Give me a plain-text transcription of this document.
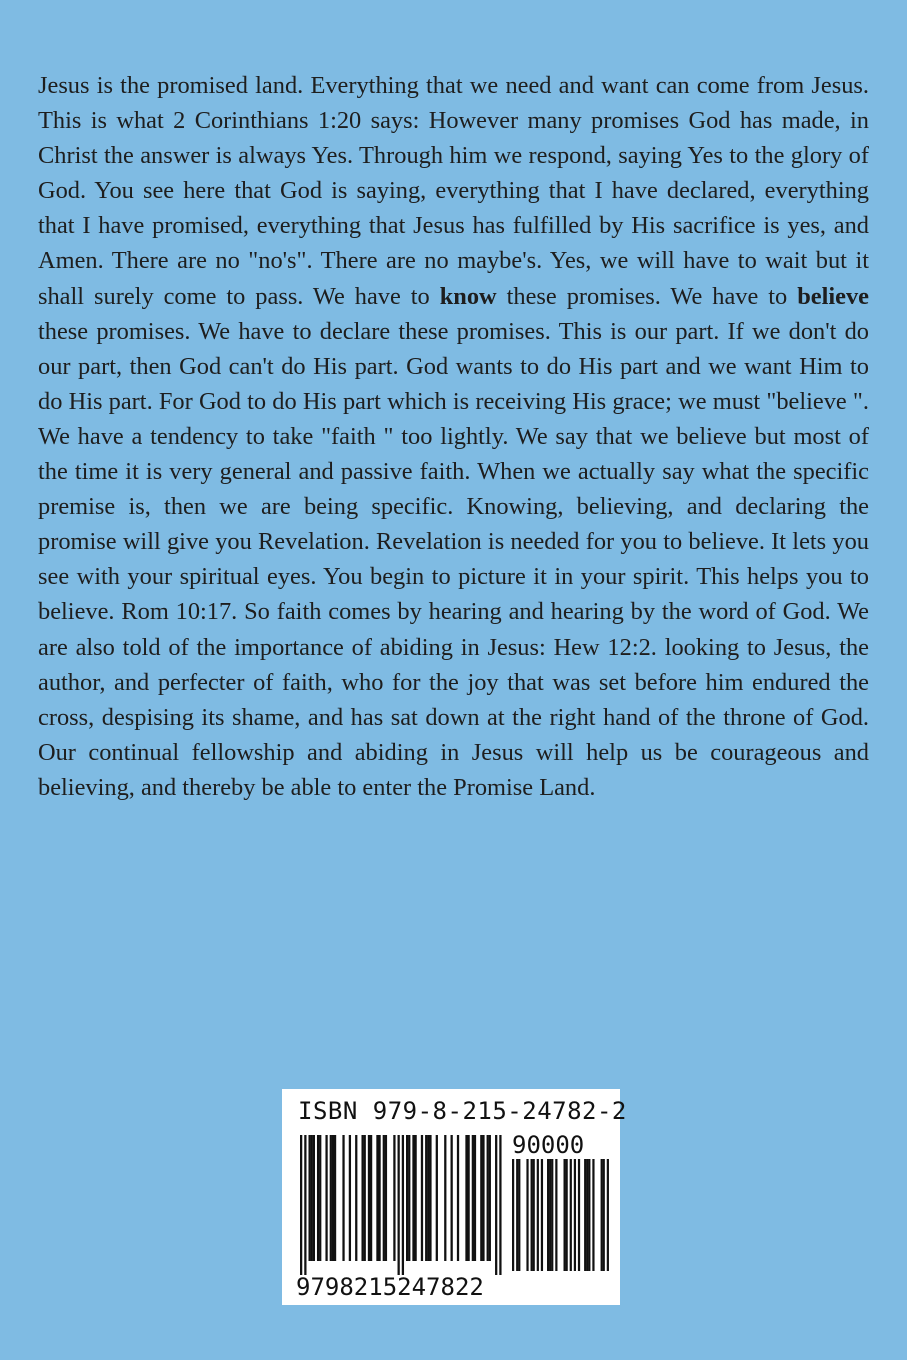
Jesus is the promised land. Everything that we need and want can come from Jesus. This is what 2 Corinthians 1:20 says: However many promises God has made, in Christ the answer is always Yes. Through him we respond, saying Yes to the glory of God. You see here that God is saying, everything that I have declared, everything that I have promised, everything that Jesus has fulfilled by His sacrifice is yes, and Amen. There are no "no's". There are no maybe's. Yes, we will have to wait but it shall surely come to pass. We have to know these promises. We have to believe these promises. We have to declare these promises. This is our part. If we don't do our part, then God can't do His part. God wants to do His part and we want Him to do His part. For God to do His part which is receiving His grace; we must "believe ". We have a tendency to take "faith " too lightly. We say that we believe but most of the time it is very general and passive faith. When we actually say what the specific premise is, then we are being specific. Knowing, believing, and declaring the promise will give you Revelation. Revelation is needed for you to believe. It lets you see with your spiritual eyes. You begin to picture it in your spirit. This helps you to believe. Rom 10:17. So faith comes by hearing and hearing by the word of God. We are also told of the importance of abiding in Jesus: Hew 12:2. looking to Jesus, the author, and perfecter of faith, who for the joy that was set before him endured the cross, despising its shame, and has sat down at the right hand of the throne of God. Our continual fellowship and abiding in Jesus will help us be courageous and believing, and thereby be able to enter the Promise Land.

9798215247822
90000
ISBN 979-8-215-24782-2
